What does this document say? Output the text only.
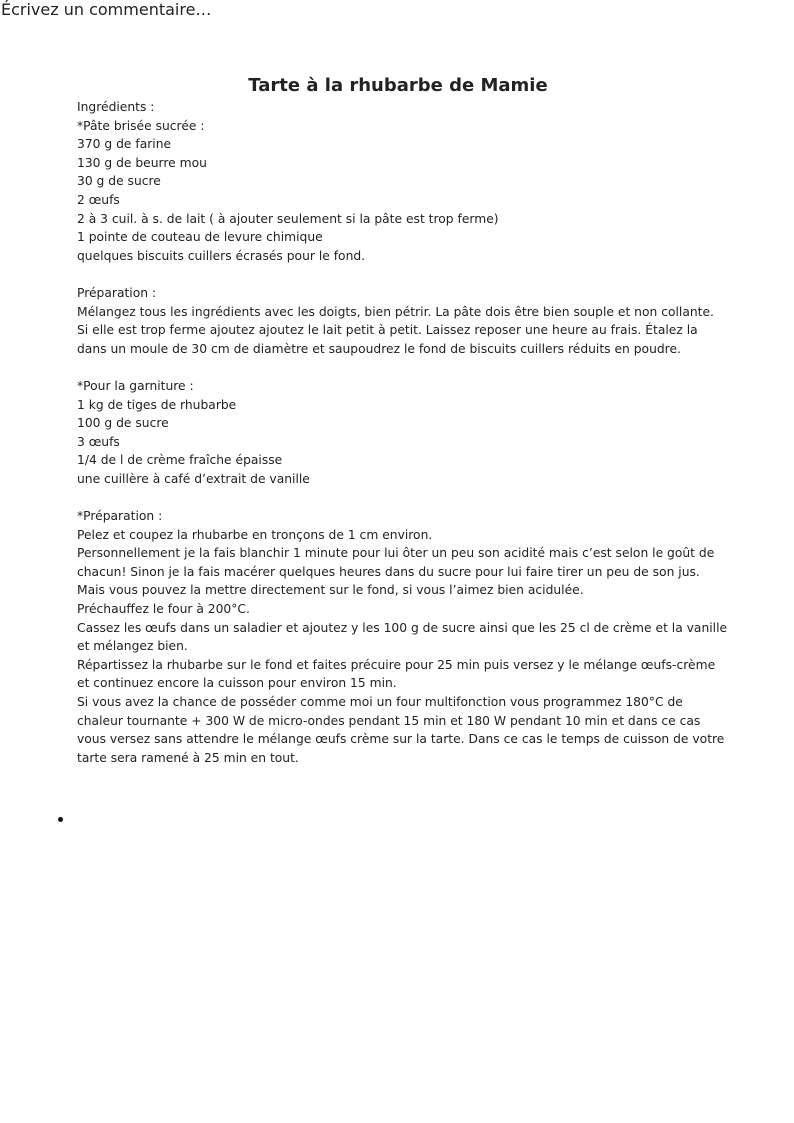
Écrivez un commentaire…
Tarte à la rhubarbe de Mamie
Ingrédients :
*Pâte brisée sucrée :
370 g de farine
130 g de beurre mou
30 g de sucre
2 œufs
2 à 3 cuil. à s. de lait ( à ajouter seulement si la pâte est trop ferme)
1 pointe de couteau de levure chimique
quelques biscuits cuillers écrasés pour le fond.
Préparation :
Mélangez tous les ingrédients avec les doigts, bien pétrir. La pâte dois être bien souple et non collante. Si elle est trop ferme ajoutez ajoutez le lait petit à petit. Laissez reposer une heure au frais. Étalez la dans un moule de 30 cm de diamètre et saupoudrez le fond de biscuits cuillers réduits en poudre.
*Pour la garniture :
1 kg de tiges de rhubarbe
100 g de sucre
3 œufs
1/4 de l de crème fraîche épaisse
une cuillère à café d’extrait de vanille
*Préparation :
Pelez et coupez la rhubarbe en tronçons de 1 cm environ.
Personnellement je la fais blanchir 1 minute pour lui ôter un peu son acidité mais c’est selon le goût de chacun! Sinon je la fais macérer quelques heures dans du sucre pour lui faire tirer un peu de son jus.
Mais vous pouvez la mettre directement sur le fond, si vous l’aimez bien acidulée.
Préchauffez le four à 200°C.
Cassez les œufs dans un saladier et ajoutez y les 100 g de sucre ainsi que les 25 cl de crème et la vanille et mélangez bien.
Répartissez la rhubarbe sur le fond et faites précuire pour 25 min puis versez y le mélange œufs-crème et continuez encore la cuisson pour environ 15 min.
Si vous avez la chance de posséder comme moi un four multifonction vous programmez 180°C de chaleur tournante + 300 W de micro-ondes pendant 15 min et 180 W pendant 10 min et dans ce cas vous versez sans attendre le mélange œufs crème sur la tarte. Dans ce cas le temps de cuisson de votre tarte sera ramené à 25 min en tout.
